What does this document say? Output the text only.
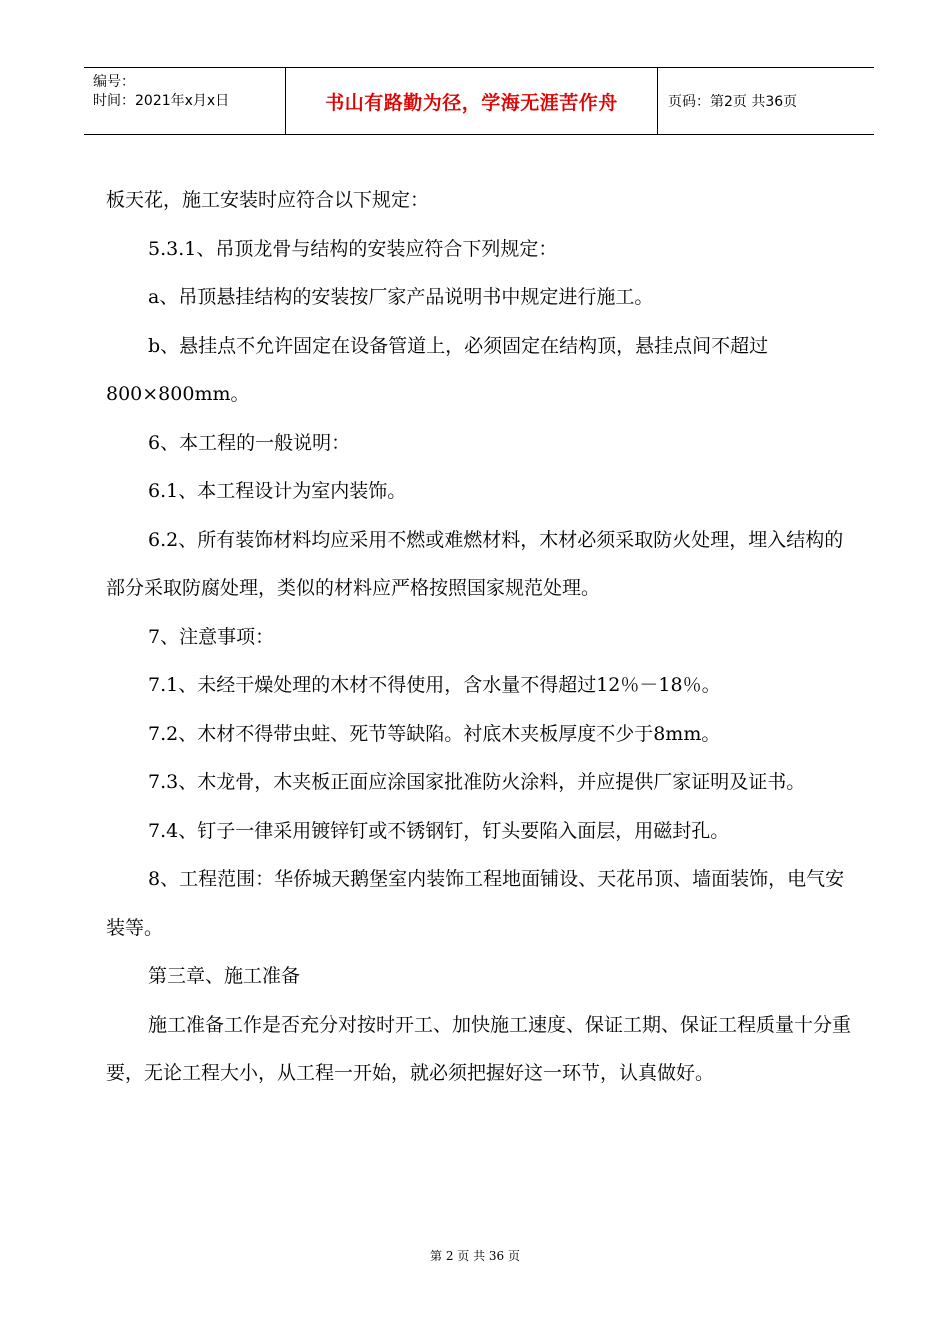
编号：
时间：2021年x月x日	书山有路勤为径，学海无涯苦作舟	页码：第2页 共36页

板天花，施工安装时应符合以下规定：

5.3.1、吊顶龙骨与结构的安装应符合下列规定：

a、吊顶悬挂结构的安装按厂家产品说明书中规定进行施工。

b、悬挂点不允许固定在设备管道上，必须固定在结构顶，悬挂点间不超过800×800mm。

6、本工程的一般说明：

6.1、本工程设计为室内装饰。

6.2、所有装饰材料均应采用不燃或难燃材料，木材必须采取防火处理，埋入结构的部分采取防腐处理，类似的材料应严格按照国家规范处理。

7、注意事项：

7.1、未经干燥处理的木材不得使用，含水量不得超过12％－18％。

7.2、木材不得带虫蛀、死节等缺陷。衬底木夹板厚度不少于8mm。

7.3、木龙骨，木夹板正面应涂国家批准防火涂料，并应提供厂家证明及证书。

7.4、钉子一律采用镀锌钉或不锈钢钉，钉头要陷入面层，用磁封孔。

8、工程范围：华侨城天鹅堡室内装饰工程地面铺设、天花吊顶、墙面装饰，电气安装等。

第三章、施工准备

施工准备工作是否充分对按时开工、加快施工速度、保证工期、保证工程质量十分重要，无论工程大小，从工程一开始，就必须把握好这一环节，认真做好。

第 2 页 共 36 页
